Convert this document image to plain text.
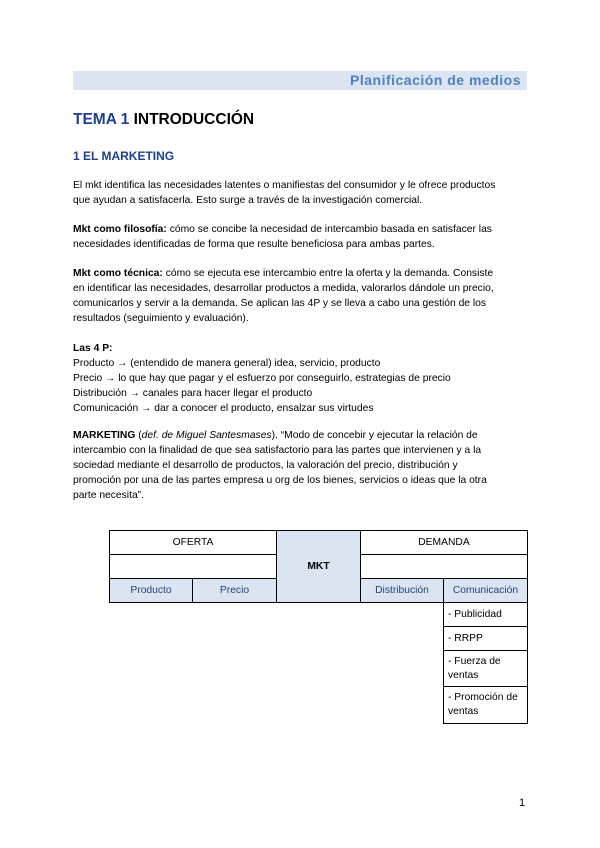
Planificación de medios
TEMA 1 INTRODUCCIÓN
1 EL MARKETING
El mkt identifica las necesidades latentes o manifiestas del consumidor y le ofrece productos
que ayudan a satisfacerla. Esto surge a través de la investigación comercial.
Mkt como filosofía: cómo se concibe la necesidad de intercambio basada en satisfacer las
necesidades identificadas de forma que resulte beneficiosa para ambas partes.
Mkt como técnica: cómo se ejecuta ese intercambio entre la oferta y la demanda. Consiste
en identificar las necesidades, desarrollar productos a medida, valorarlos dándole un precio,
comunicarlos y servir a la demanda. Se aplican las 4P y se lleva a cabo una gestión de los
resultados (seguimiento y evaluación).
Las 4 P:
Producto → (entendido de manera general) idea, servicio, producto
Precio → lo que hay que pagar y el esfuerzo por conseguirlo, estrategias de precio
Distribución → canales para hacer llegar el producto
Comunicación → dar a conocer el producto, ensalzar sus virtudes
MARKETING (def. de Miguel Santesmases). “Modo de concebir y ejecutar la relación de
intercambio con la finalidad de que sea satisfactorio para las partes que intervienen y a la
sociedad mediante el desarrollo de productos, la valoración del precio, distribución y
promoción por una de las partes empresa u org de los bienes, servicios o ideas que la otra
parte necesita”.
OFERTA
MKT
DEMANDA
Producto	Precio	Distribución Comunicación
- Publicidad
- RRPP
- Fuerza de ventas
- Promoción de ventas
1
